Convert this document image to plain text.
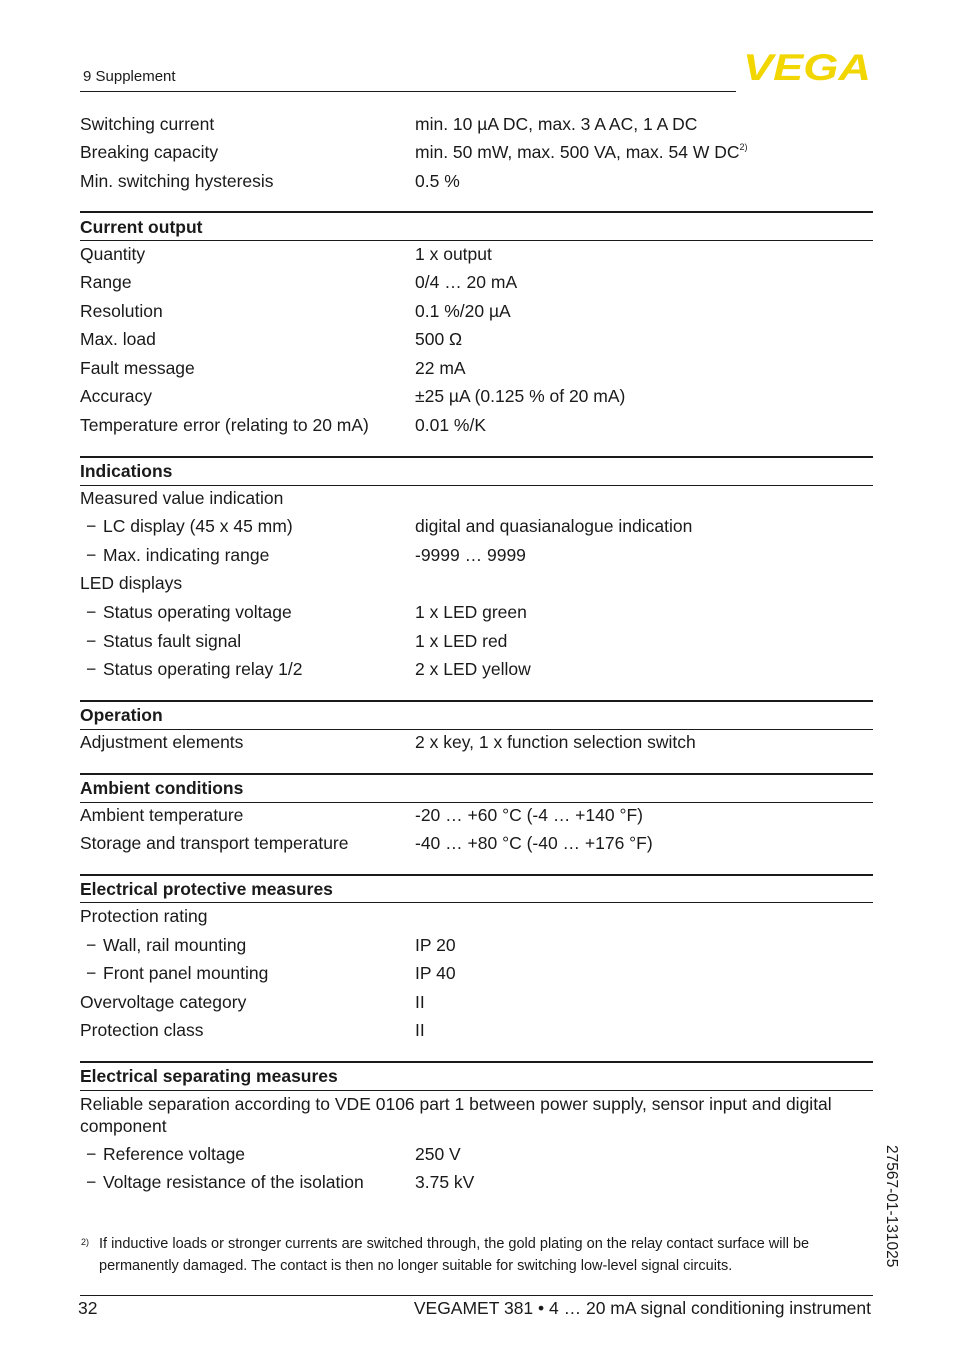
9 Supplement	VEGA
Switching current	min. 10 µA DC, max. 3 A AC, 1 A DC
Breaking capacity	min. 50 mW, max. 500 VA, max. 54 W DC$^{2)}$
Min. switching hysteresis	0.5 %
Current output
Quantity	1 x output
Range	0/4 … 20 mA
Resolution	0.1 %/20 µA
Max. load	500 Ω
Fault message	22 mA
Accuracy	±25 µA (0.125 % of 20 mA)
Temperature error (relating to 20 mA)	0.01 %/K
Indications
Measured value indication
− LC display (45 x 45 mm)	digital and quasianalogue indication
− Max. indicating range	-9999 … 9999
LED displays
− Status operating voltage	1 x LED green
− Status fault signal	1 x LED red
− Status operating relay 1/2	2 x LED yellow
Operation
Adjustment elements	2 x key, 1 x function selection switch
Ambient conditions
Ambient temperature	-20 … +60 °C (-4 … +140 °F)
Storage and transport temperature	-40 … +80 °C (-40 … +176 °F)
Electrical protective measures
Protection rating
− Wall, rail mounting	IP 20
− Front panel mounting	IP 40
Overvoltage category	II
Protection class	II
Electrical separating measures
Reliable separation according to VDE 0106 part 1 between power supply, sensor input and digital component
− Reference voltage	250 V
− Voltage resistance of the isolation	3.75 kV
2) If inductive loads or stronger currents are switched through, the gold plating on the relay contact surface will be permanently damaged. The contact is then no longer suitable for switching low-level signal circuits.	27567-01-131025
32	VEGAMET 381 • 4 … 20 mA signal conditioning instrument
